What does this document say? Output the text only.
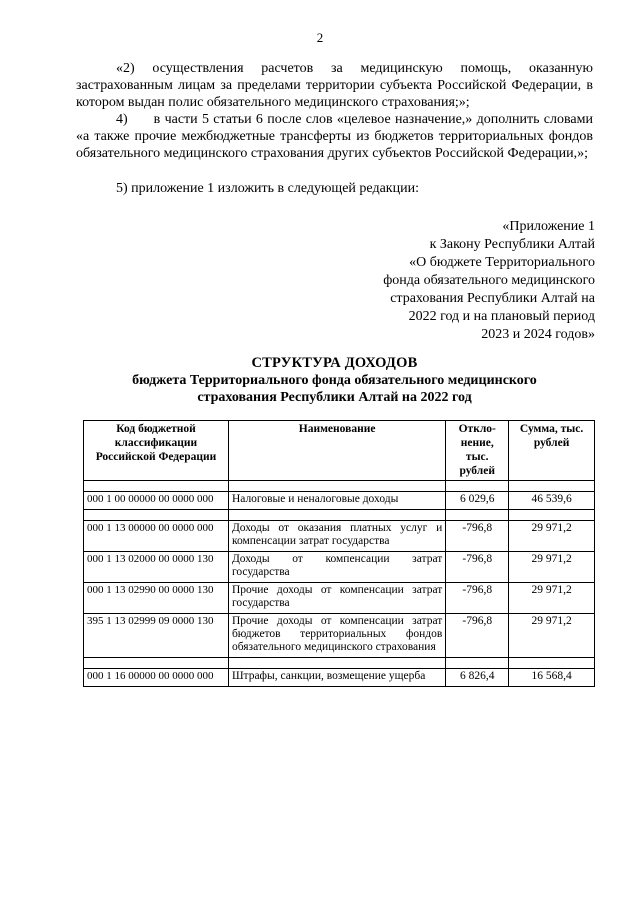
2

«2) осуществления расчетов за медицинскую помощь, оказанную застрахованным лицам за пределами территории субъекта Российской Федерации, в котором выдан полис обязательного медицинского страхования;»;

4) в части 5 статьи 6 после слов «целевое назначение,» дополнить словами «а также прочие межбюджетные трансферты из бюджетов территориальных фондов обязательного медицинского страхования других субъектов Российской Федерации,»;

5) приложение 1 изложить в следующей редакции:

«Приложение 1
к Закону Республики Алтай
«О бюджете Территориального
фонда обязательного медицинского
страхования Республики Алтай на
2022 год и на плановый период
2023 и 2024 годов»
СТРУКТУРА ДОХОДОВ
бюджета Территориального фонда обязательного медицинского
страхования Республики Алтай на 2022 год
Код бюджетной классификации Российской Федерации	Наименование	Откло-нение, тыс. рублей	Сумма, тыс. рублей

000 1 00 00000 00 0000 000	Налоговые и неналоговые доходы	6 029,6	46 539,6

000 1 13 00000 00 0000 000	Доходы от оказания платных услуг и компенсации затрат государства	-796,8	29 971,2
000 1 13 02000 00 0000 130	Доходы от компенсации затрат государства	-796,8	29 971,2
000 1 13 02990 00 0000 130	Прочие доходы от компенсации затрат государства	-796,8	29 971,2
395 1 13 02999 09 0000 130	Прочие доходы от компенсации затрат бюджетов территориальных фондов обязательного медицинского страхования	-796,8	29 971,2

000 1 16 00000 00 0000 000	Штрафы, санкции, возмещение ущерба	6 826,4	16 568,4
